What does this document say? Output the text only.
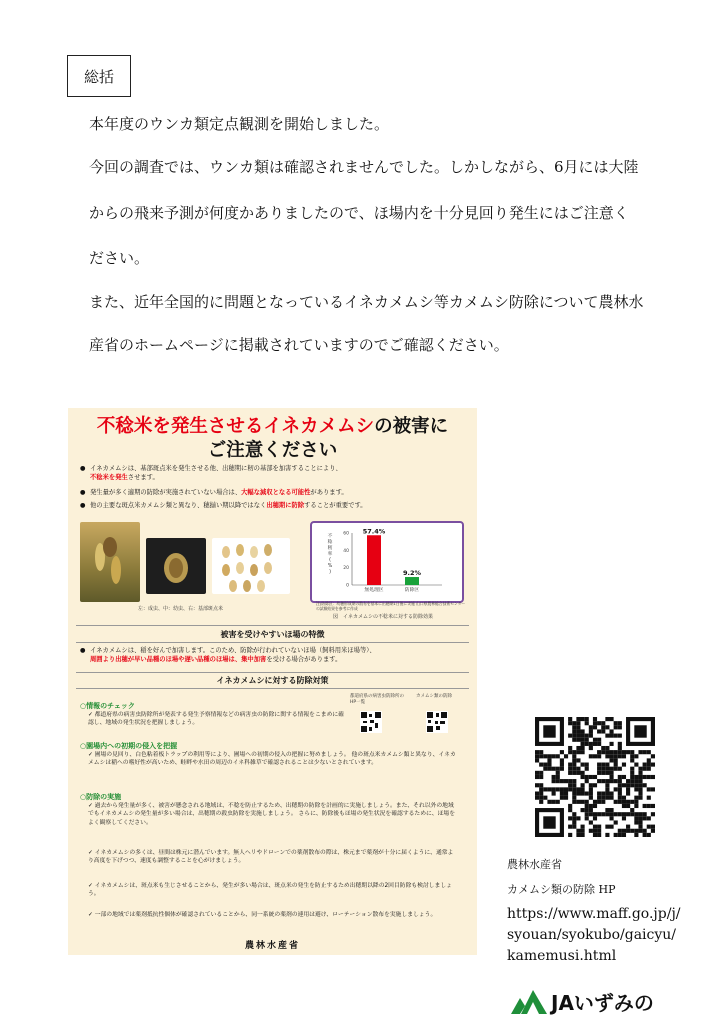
総括
本年度のウンカ類定点観測を開始しました。
今回の調査では、ウンカ類は確認されませんでした。しかしながら、6月には大陸
からの飛来予測が何度かありましたので、ほ場内を十分見回り発生にはご注意く
ださい。
また、近年全国的に問題となっているイネカメムシ等カメムシ防除について農林水
産省のホームページに掲載されていますのでご確認ください。
不稔米を発生させるイネカメムシの被害に
ご注意ください
● イネカメムシは、基部斑点米を発生させる他、出穂期に籾の基部を加害することにより、
不稔米を発生させます。
● 発生量が多く適期の防除が実施されていない場合は、大幅な減収となる可能性があります。
● 他の主要な斑点米カメムシ類と異なり、穂揃い期以降ではなく出穂期に防除することが重要です。
左：成虫、中：幼虫、右：基部斑点米
0
20
40
60
不
稔
籾
率
(
%
)
57.4%
無処理区
9.2%
防除区
注)防除区：幼穂形成期の散布を基本に出穂期1日後に実施 山口県農林総合技術センターの試験結果を参考に作成
図　イネカメムシの不稔米に対する防除効果
被害を受けやすいほ場の特徴
● イネカメムシは、稲を好んで加害します。このため、防除が行われていないほ場（飼料用米ほ場等）、
周囲より出穂が早い品種のほ場や遅い品種のほ場は、集中加害を受ける場合があります。
イネカメムシに対する防除対策
都道府県の病害虫防除所のHP一覧
カメムシ類の防除
○情報のチェック
✓ 都道府県の病害虫防除所が発表する発生予察情報などの病害虫の防除に関する情報をこまめに確認し、地域の発生状況を把握しましょう。
○園場内への初期の侵入を把握
✓ 圃場の見回り、白色粘着板トラップの利用等により、圃場への初期の侵入の把握に努めましょう。 他の斑点米カメムシ類と異なり、イネカメムシは稲への嗜好性が高いため、畦畔や水田の周辺のイネ科雑草で確認されることは少ないとされています。
○防除の実施
✓ 過去から発生量が多く、被害が懸念される地域は、不稔を防止するため、出穂期の防除を計画的に実施しましょう。また、それ以外の地域でもイネカメムシの発生量が多い場合は、出穂期の殺虫防除を実施しましょう。 さらに、防除後もほ場の発生状況を確認するために、ほ場をよく観察してください。
✓ イネカメムシの多くは、昼間は株元に潜んでいます。無人ヘリやドローンでの薬剤散布の際は、株元まで薬剤が十分に届くように、通常より高度を下げつつ、速度も調整することを心がけましょう。
✓ イネカメムシは、斑点米も生じさせることから、発生が多い場合は、斑点米の発生を防止するため出穂期以降の2回目防除も検討しましょう。
✓ 一部の地域では薬剤抵抗性個体が確認されていることから、同一系統の薬剤の連用は避け、ローテーション散布を実施しましょう。
農林水産省
農林水産省
カメムシ類の防除 HP
https://www.maff.go.jp/j/
syouan/syokubo/gaicyu/
kamemusi.html
JAいずみの
